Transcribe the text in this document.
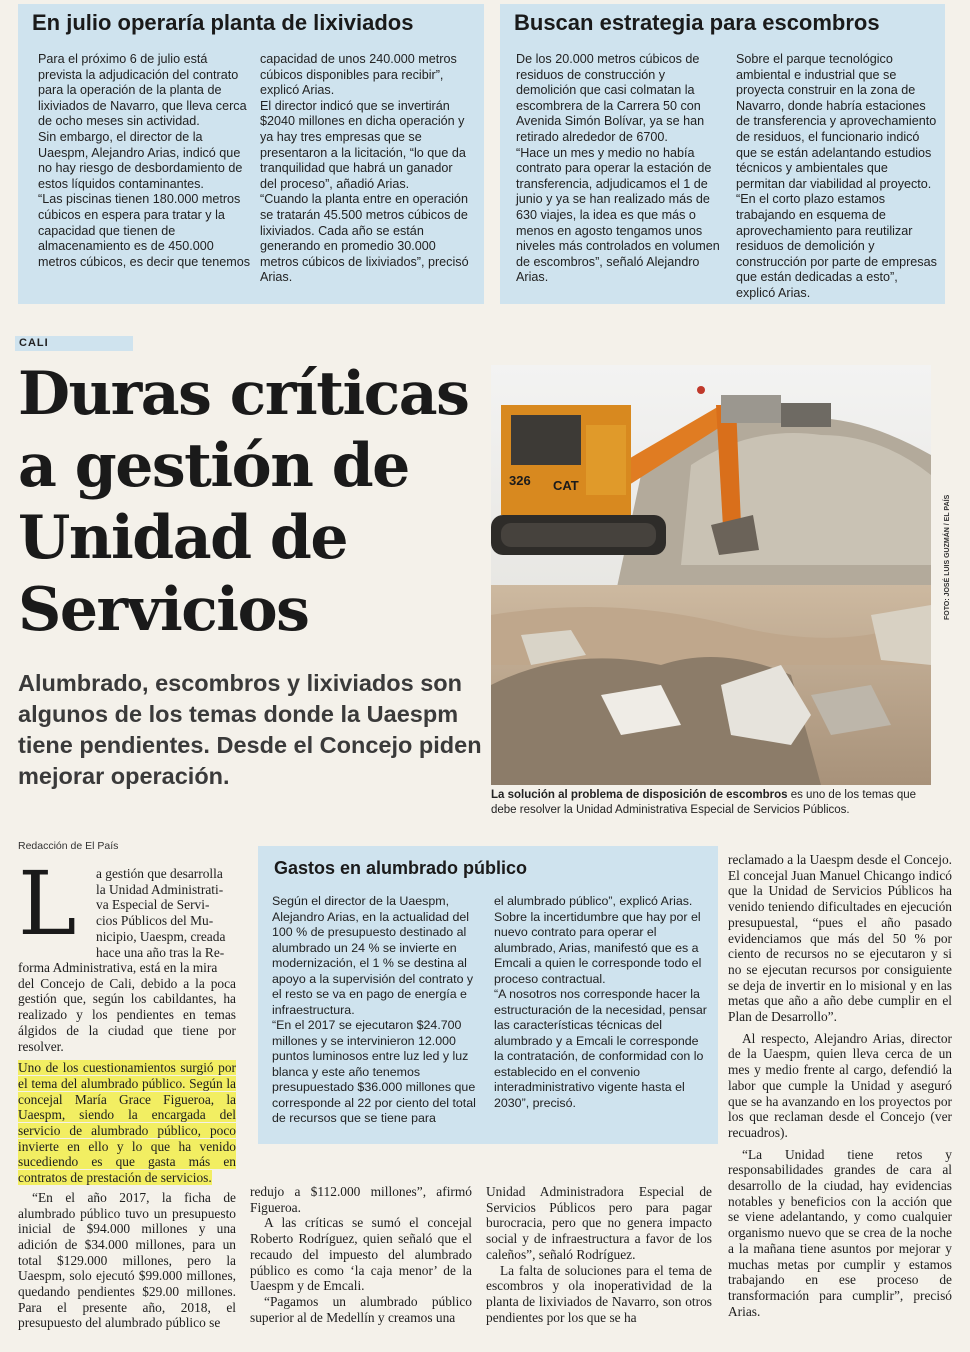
En julio operaría planta de lixiviados

Para el próximo 6 de julio está prevista la adjudicación del contrato para la operación de la planta de lixiviados de Navarro, que lleva cerca de ocho meses sin actividad.

Sin embargo, el director de la Uaespm, Alejandro Arias, indicó que no hay riesgo de desbordamiento de estos líquidos contaminantes.

“Las piscinas tienen 180.000 metros cúbicos en espera para tratar y la capacidad que tienen de almacenamiento es de 450.000 metros cúbicos, es decir que tenemos

capacidad de unos 240.000 metros cúbicos disponibles para recibir”, explicó Arias.

El director indicó que se invertirán $2040 millones en dicha operación y ya hay tres empresas que se presentaron a la licitación, “lo que da tranquilidad que habrá un ganador del proceso”, añadió Arias.

“Cuando la planta entre en operación se tratarán 45.500 metros cúbicos de lixiviados. Cada año se están generando en promedio 30.000 metros cúbicos de lixiviados”, precisó Arias.

Buscan estrategia para escombros

De los 20.000 metros cúbicos de residuos de construcción y demolición que casi colmatan la escombrera de la Carrera 50 con Avenida Simón Bolívar, ya se han retirado alrededor de 6700.

“Hace un mes y medio no había contrato para operar la estación de transferencia, adjudicamos el 1 de junio y ya se han realizado más de 630 viajes, la idea es que más o menos en agosto tengamos unos niveles más controlados en volumen de escombros”, señaló Alejandro Arias.

Sobre el parque tecnológico ambiental e industrial que se proyecta construir en la zona de Navarro, donde habría estaciones de transferencia y aprovechamiento de residuos, el funcionario indicó que se están adelantando estudios técnicos y ambientales que permitan dar viabilidad al proyecto.

“En el corto plazo estamos trabajando en esquema de aprovechamiento para reutilizar residuos de demolición y construcción por parte de empresas que están dedicadas a esto”, explicó Arias.

CALI
Duras críticas a gestión de Unidad de Servicios
Alumbrado, escombros y lixiviados son algunos de los temas donde la Uaespm tiene pendientes. Desde el Concejo piden mejorar operación.
326 CAT
FOTO: JOSÉ LUIS GUZMÁN / EL PAÍS
La solución al problema de disposición de escombros es uno de los temas que debe resolver la Unidad Administrativa Especial de Servicios Públicos.
Redacción de El País
L a gestión que desarrolla
la Unidad Administrati-
va Especial de Servi-
cios Públicos del Mu-
nicipio, Uaespm, creada
hace una año tras la Re-
forma Administrativa, está en la mira

del Concejo de Cali, debido a la poca gestión que, según los cabildantes, ha realizado y los pendientes en temas álgidos de la ciudad que tiene por resolver.

Uno de los cuestionamientos surgió por el tema del alumbrado público. Según la concejal María Grace Figueroa, la Uaespm, siendo la encargada del servicio de alumbrado público, poco invierte en ello y lo que ha venido sucediendo es que gasta más en contratos de prestación de servicios.

“En el año 2017, la ficha de alumbrado público tuvo un presupuesto inicial de $94.000 millones y una adición de $34.000 millones, para un total $129.000 millones, pero la Uaespm, solo ejecutó $99.000 millones, quedando pendientes $29.00 millones. Para el presente año, 2018, el presupuesto del alumbrado público se

redujo a $112.000 millones”, afirmó Figueroa.

A las críticas se sumó el concejal Roberto Rodríguez, quien señaló que el recaudo del impuesto del alumbrado público es como ‘la caja menor’ de la Uaespm y de Emcali.

“Pagamos un alumbrado público superior al de Medellín y creamos una

Unidad Administradora Especial de Servicios Públicos pero para pagar burocracia, pero que no genera impacto social y de infraestructura a favor de los caleños”, señaló Rodríguez.

La falta de soluciones para el tema de escombros y ola inoperatividad de la planta de lixiviados de Navarro, son otros pendientes por los que se ha

reclamado a la Uaespm desde el Concejo. El concejal Juan Manuel Chicango indicó que la Unidad de Servicios Públicos ha venido teniendo dificultades en ejecución presupuestal, “pues el año pasado evidenciamos que más del 50 % por ciento de recursos no se ejecutaron y si no se ejecutan recursos por consiguiente se deja de invertir en lo misional y en las metas que año a año debe cumplir en el Plan de Desarrollo”.

Al respecto, Alejandro Arias, director de la Uaespm, quien lleva cerca de un mes y medio frente al cargo, defendió la labor que cumple la Unidad y aseguró que se ha avanzando en los proyectos por los que reclaman desde el Concejo (ver recuadros).

“La Unidad tiene retos y responsabilidades grandes de cara al desarrollo de la ciudad, hay evidencias notables y beneficios con la acción que se viene adelantando, y como cualquier organismo nuevo que se crea de la noche a la mañana tiene asuntos por mejorar y muchas metas por cumplir y estamos trabajando en ese proceso de transformación para cumplir”, precisó Arias.

Gastos en alumbrado público

Según el director de la Uaespm, Alejandro Arias, en la actualidad del 100 % de presupuesto destinado al alumbrado un 24 % se invierte en modernización, el 1 % se destina al apoyo a la supervisión del contrato y el resto se va en pago de energía e infraestructura.

“En el 2017 se ejecutaron $24.700 millones y se intervinieron 12.000 puntos luminosos entre luz led y luz blanca y este año tenemos presupuestado $36.000 millones que corresponde al 22 por ciento del total de recursos que se tiene para

el alumbrado público”, explicó Arias.

Sobre la incertidumbre que hay por el nuevo contrato para operar el alumbrado, Arias, manifestó que es a Emcali a quien le corresponde todo el proceso contractual.

“A nosotros nos corresponde hacer la estructuración de la necesidad, pensar las características técnicas del alumbrado y a Emcali le corresponde la contratación, de conformidad con lo establecido en el convenio interadministrativo vigente hasta el 2030”, precisó.
